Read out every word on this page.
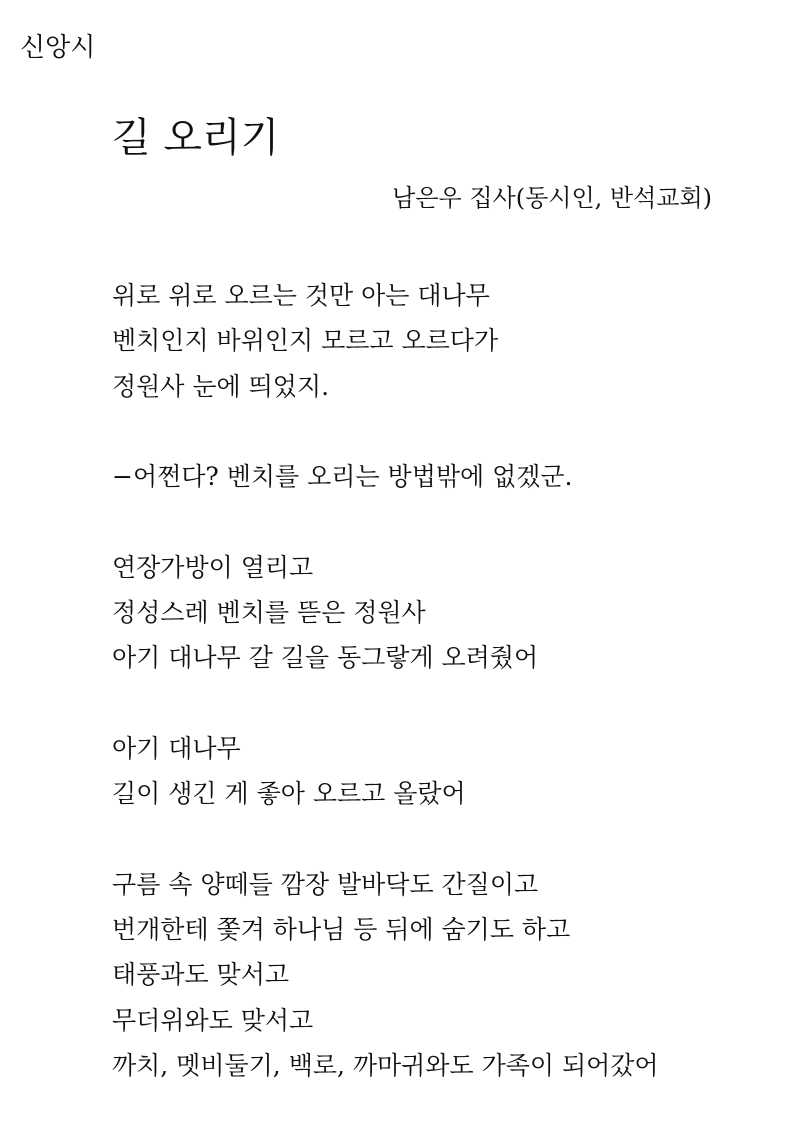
신앙시
길 오리기
남은우 집사(동시인, 반석교회)
위로 위로 오르는 것만 아는 대나무
벤치인지 바위인지 모르고 오르다가
정원사 눈에 띄었지.
−어쩐다? 벤치를 오리는 방법밖에 없겠군.
연장가방이 열리고
정성스레 벤치를 뜯은 정원사
아기 대나무 갈 길을 동그랗게 오려줬어
아기 대나무
길이 생긴 게 좋아 오르고 올랐어
구름 속 양떼들 깜장 발바닥도 간질이고
번개한테 쫓겨 하나님 등 뒤에 숨기도 하고
태풍과도 맞서고
무더위와도 맞서고
까치, 멧비둘기, 백로, 까마귀와도 가족이 되어갔어
